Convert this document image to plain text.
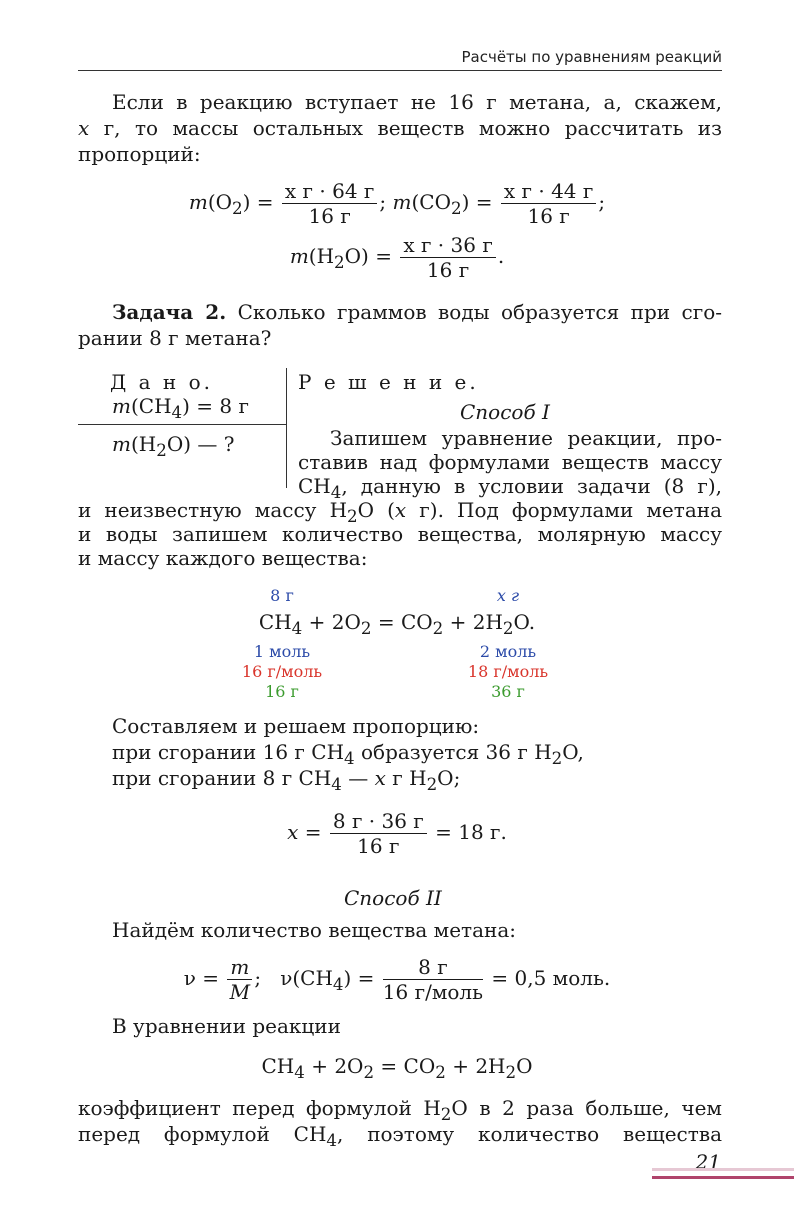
Расчёты по уравнениям реакций
Если в реакцию вступает не 16 г метана, а, скажем,
x г, то массы остальных веществ можно рассчитать из
пропорций:
$m(O_2) = \frac{\text{x г · 64 г}}{16 г}$ ; $m(CO_2) = \frac{\text{x г · 44 г}}{16 г}$ ;
$m(H_2O) = \frac{\text{x г · 36 г}}{16 г}$ .
Задача 2. Сколько граммов воды образуется при сго-
рании 8 г метана?
Д а н о.
$m(CH_4) = 8$ г
$m(H_2O)$ — ?
Р е ш е н и е.
Способ I
Запишем уравнение реакции, про-
ставив над формулами веществ массу
$CH_4$, данную в условии задачи (8 г),
и неизвестную массу $H_2O$ (x г). Под формулами метана
и воды запишем количество вещества, молярную массу
и массу каждого вещества:
8 г	x г
$CH_4 + 2O_2 = CO_2 + 2H_2O$.
1 моль	2 моль
16 г/моль	18 г/моль
16 г	36 г
Составляем и решаем пропорцию:
при сгорании 16 г $CH_4$ образуется 36 г $H_2O$,
при сгорании 8 г $CH_4$ — x г $H_2O$;
$x = \frac{8 г \cdot 36 г}{16 г} = 18$ г.
Способ II
Найдём количество вещества метана:
$\nu = \frac{m}{M}$ ;   $\nu(CH_4) = \frac{8 г}{\text{16 г/моль}} = 0,5$ моль.
В уравнении реакции
$CH_4 + 2O_2 = CO_2 + 2H_2O$
коэффициент перед формулой $H_2O$ в 2 раза больше, чем
перед формулой $CH_4$, поэтому количество вещества
21
